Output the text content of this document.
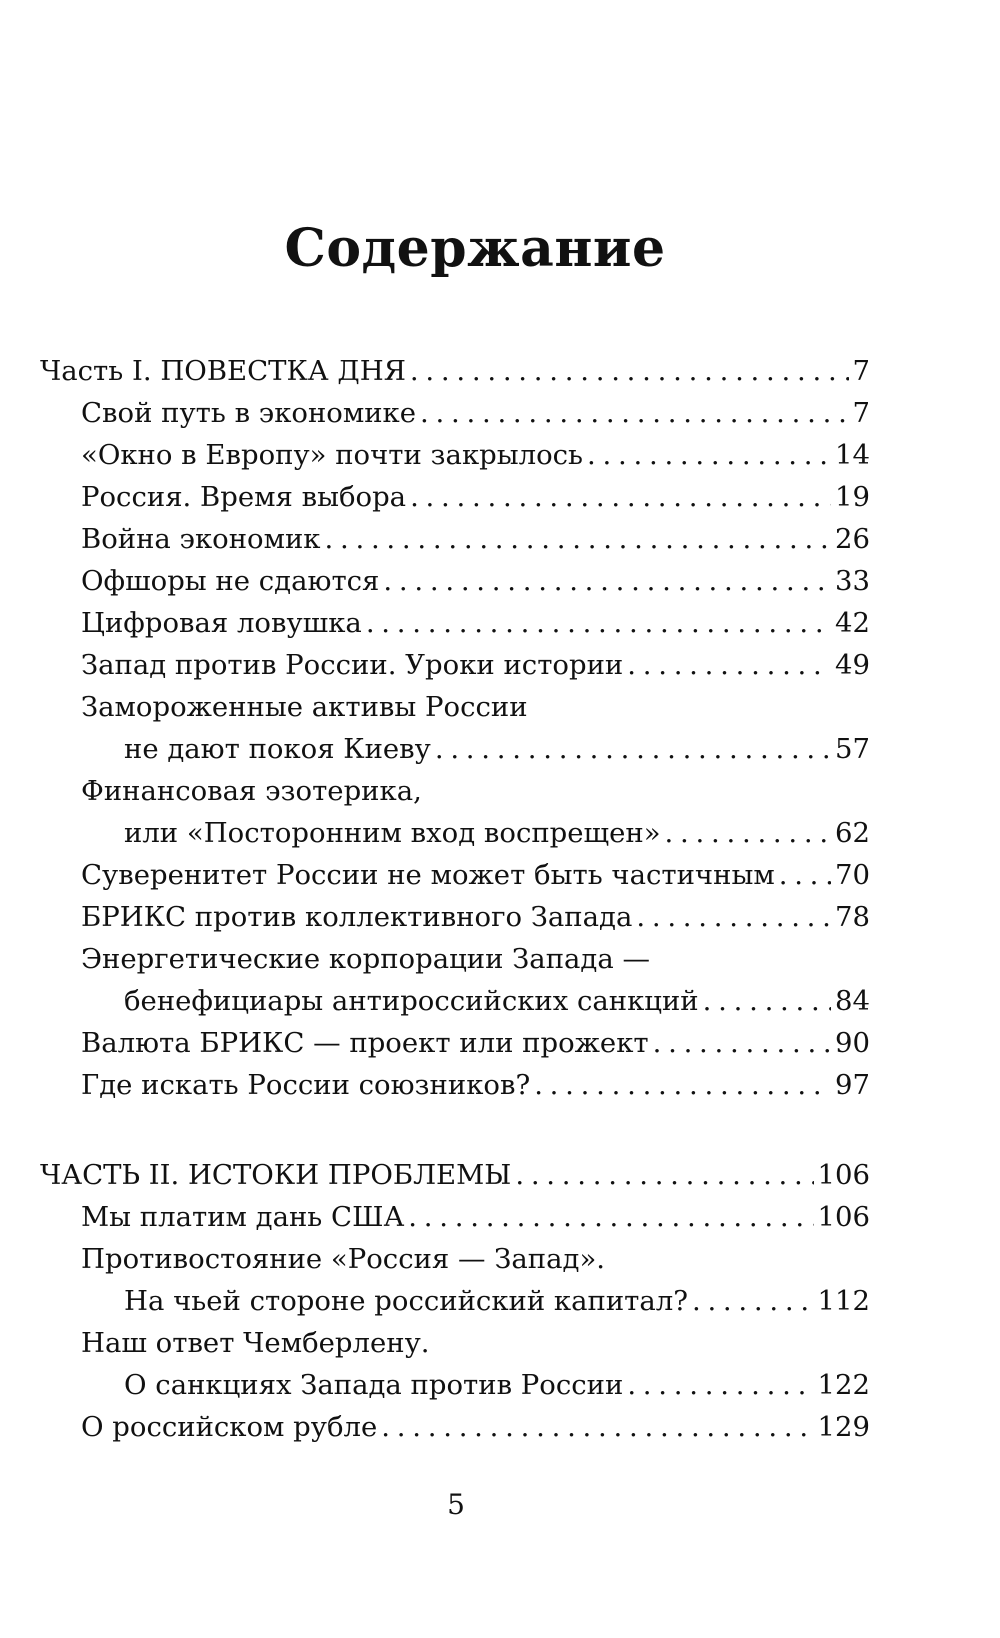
Содержание
Часть I. ПОВЕСТКА ДНЯ . . .	7
Свой путь в экономике . . .	7
«Окно в Европу» почти закрылось . . .	14
Россия. Время выбора . . .	19
Война экономик . . .	26
Офшоры не сдаются . . .	33
Цифровая ловушка . . .	42
Запад против России. Уроки истории . . .	49
Замороженные активы России
не дают покоя Киеву . . .	57
Финансовая эзотерика,
или «Посторонним вход воспрещен» . . .	62
Суверенитет России не может быть частичным . . . 70
БРИКС против коллективного Запада . . .	78
Энергетические корпорации Запада —
бенефициары антироссийских санкций . . .	84
Валюта БРИКС — проект или прожект . . .	90
Где искать России союзников? . . .	97
ЧАСТЬ II. ИСТОКИ ПРОБЛЕМЫ . . .	106
Мы платим дань США . . .	106
Противостояние «Россия — Запад».
На чьей стороне российский капитал? . . .	112
Наш ответ Чемберлену.
О санкциях Запада против России . . .	122
О российском рубле . . .	129
5
